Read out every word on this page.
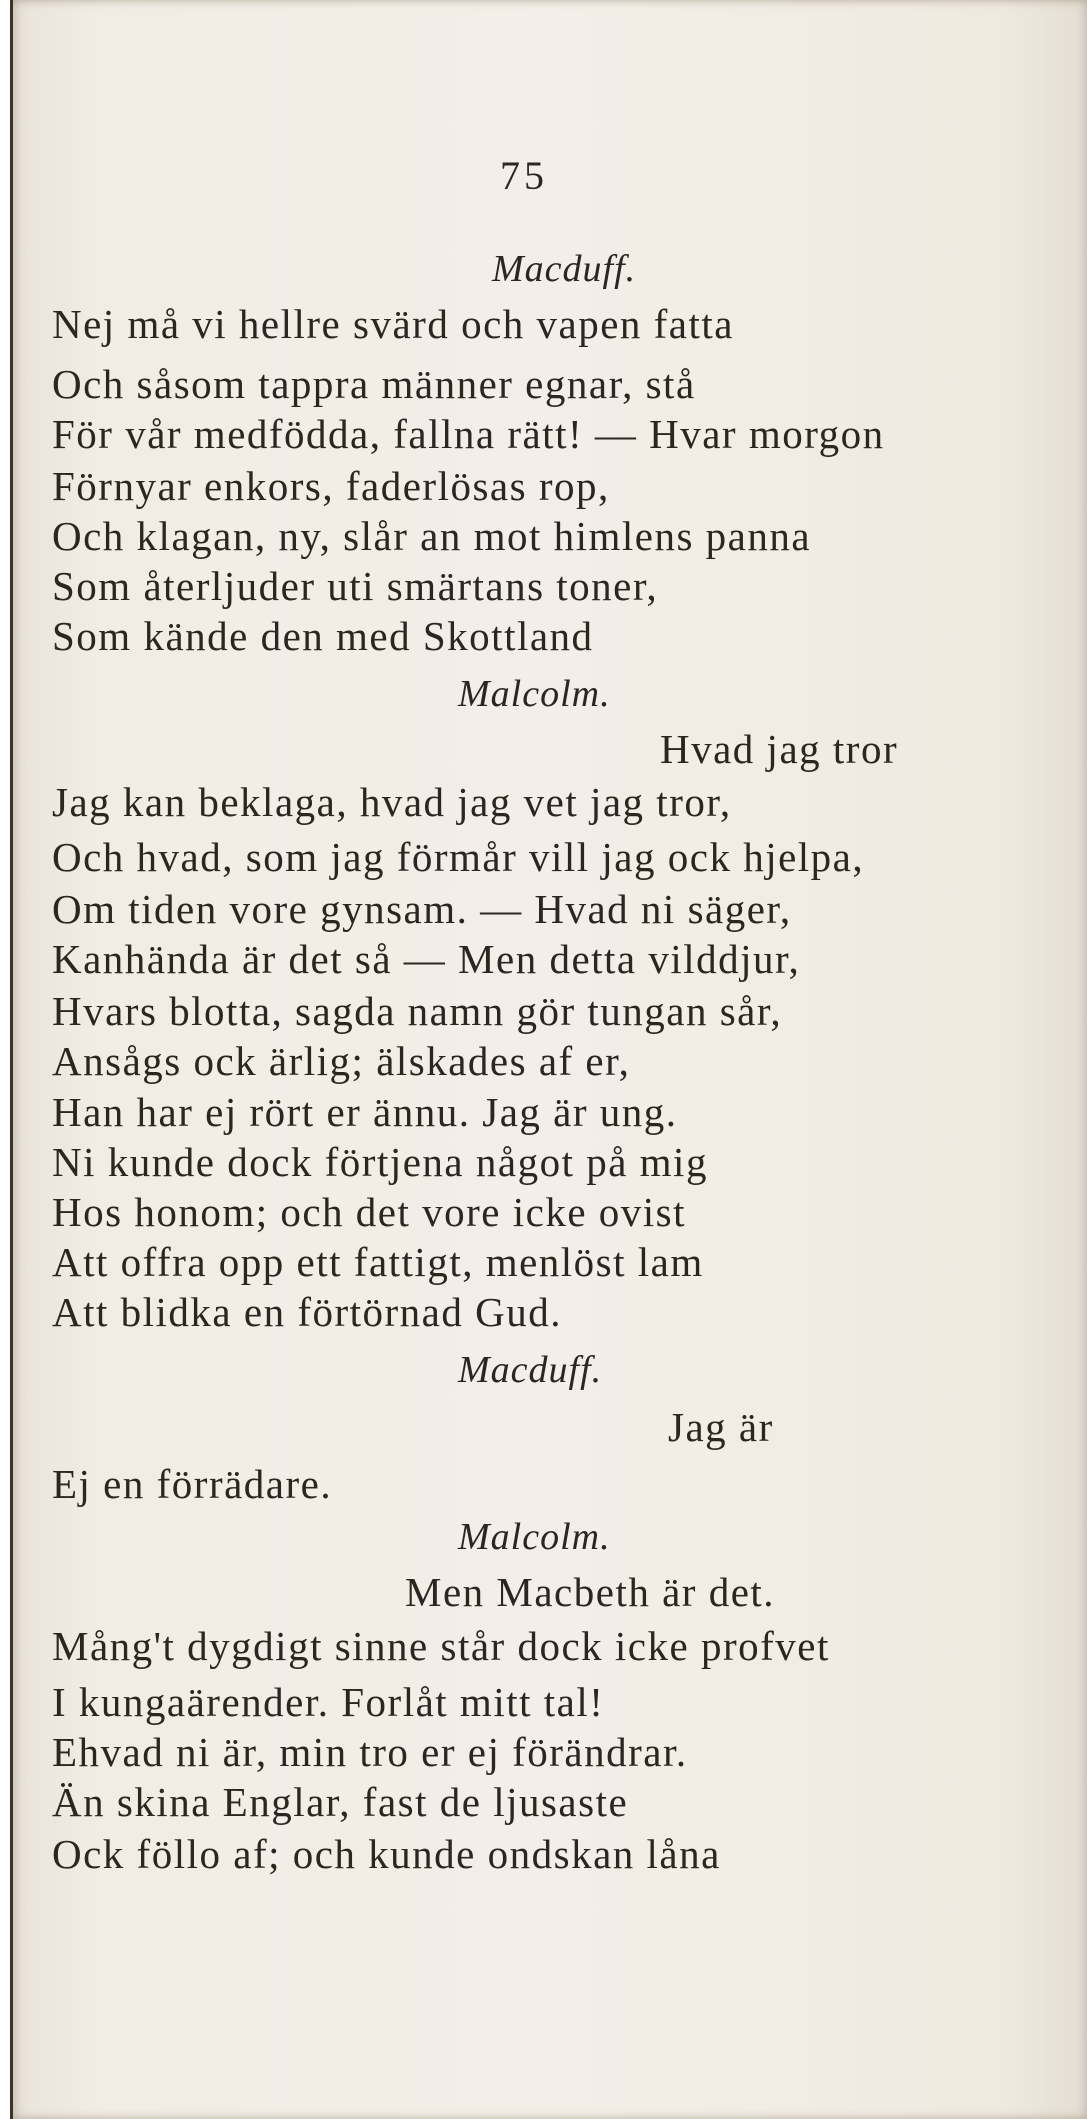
75
Macduff.
Nej må vi hellre svärd och vapen fatta
Och såsom tappra männer egnar, stå
För vår medfödda, fallna rätt! — Hvar morgon
Förnyar enkors, faderlösas rop,
Och klagan, ny, slår an mot himlens panna
Som återljuder uti smärtans toner,
Som kände den med Skottland
Malcolm.
Hvad jag tror
Jag kan beklaga, hvad jag vet jag tror,
Och hvad, som jag förmår vill jag ock hjelpa,
Om tiden vore gynsam. — Hvad ni säger,
Kanhända är det så — Men detta vilddjur,
Hvars blotta, sagda namn gör tungan sår,
Ansågs ock ärlig; älskades af er,
Han har ej rört er ännu. Jag är ung.
Ni kunde dock förtjena något på mig
Hos honom; och det vore icke ovist
Att offra opp ett fattigt, menlöst lam
Att blidka en förtörnad Gud.
Macduff.
Jag är
Ej en förrädare.
Malcolm.
Men Macbeth är det.
Mång't dygdigt sinne står dock icke profvet
I kungaärender. Forlåt mitt tal!
Ehvad ni är, min tro er ej förändrar.
Än skina Englar, fast de ljusaste
Ock föllo af; och kunde ondskan låna
